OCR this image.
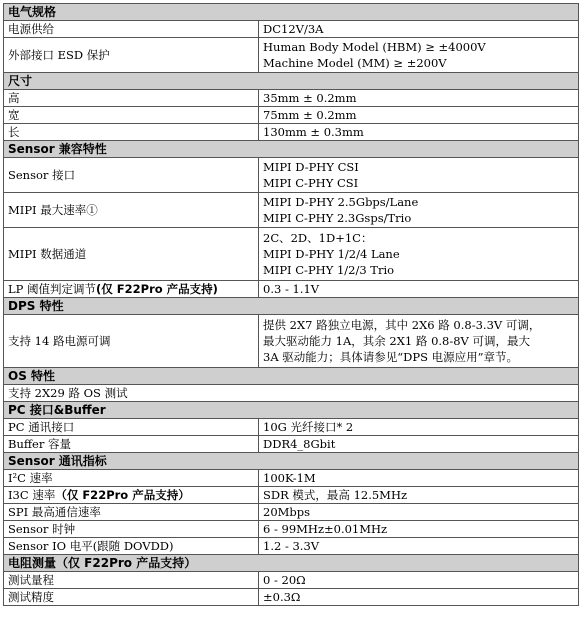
电气规格	
电源供给	DC12V/3A
外部接口 ESD 保护	Human Body Model (HBM) ≥ ±4000V
Machine Model (MM) ≥ ±200V

尺寸	
高	35mm ± 0.2mm
宽	75mm ± 0.2mm
长	130mm ± 0.3mm
Sensor 兼容特性	
Sensor 接口	MIPI D-PHY CSI
MIPI C-PHY CSI

MIPI 最大速率①	MIPI D-PHY 2.5Gbps/Lane
MIPI C-PHY 2.3Gsps/Trio

MIPI 数据通道	2C、2D、1D+1C：
MIPI D-PHY 1/2/4 Lane
MIPI C-PHY 1/2/3 Trio

LP 阈值判定调节(仅 F22Pro 产品支持)	0.3 - 1.1V
DPS 特性	
支持 14 路电源可调	提供 2X7 路独立电源，其中 2X6 路 0.8-3.3V 可调，
最大驱动能力 1A，其余 2X1 路 0.8-8V 可调，最大
3A 驱动能力；具体请参见“DPS 电源应用”章节。

OS 特性	
支持 2X29 路 OS 测试	
PC 接口&Buffer	
PC 通讯接口	10G 光纤接口* 2
Buffer 容量	DDR4_8Gbit
Sensor 通讯指标	
I²C 速率	100K-1M
I3C 速率（仅 F22Pro 产品支持）	SDR 模式，最高 12.5MHz
SPI 最高通信速率	20Mbps
Sensor 时钟	6 - 99MHz±0.01MHz
Sensor IO 电平(跟随 DOVDD)	1.2 - 3.3V
电阻测量（仅 F22Pro 产品支持）	
测试量程	0 - 20Ω
测试精度	±0.3Ω
